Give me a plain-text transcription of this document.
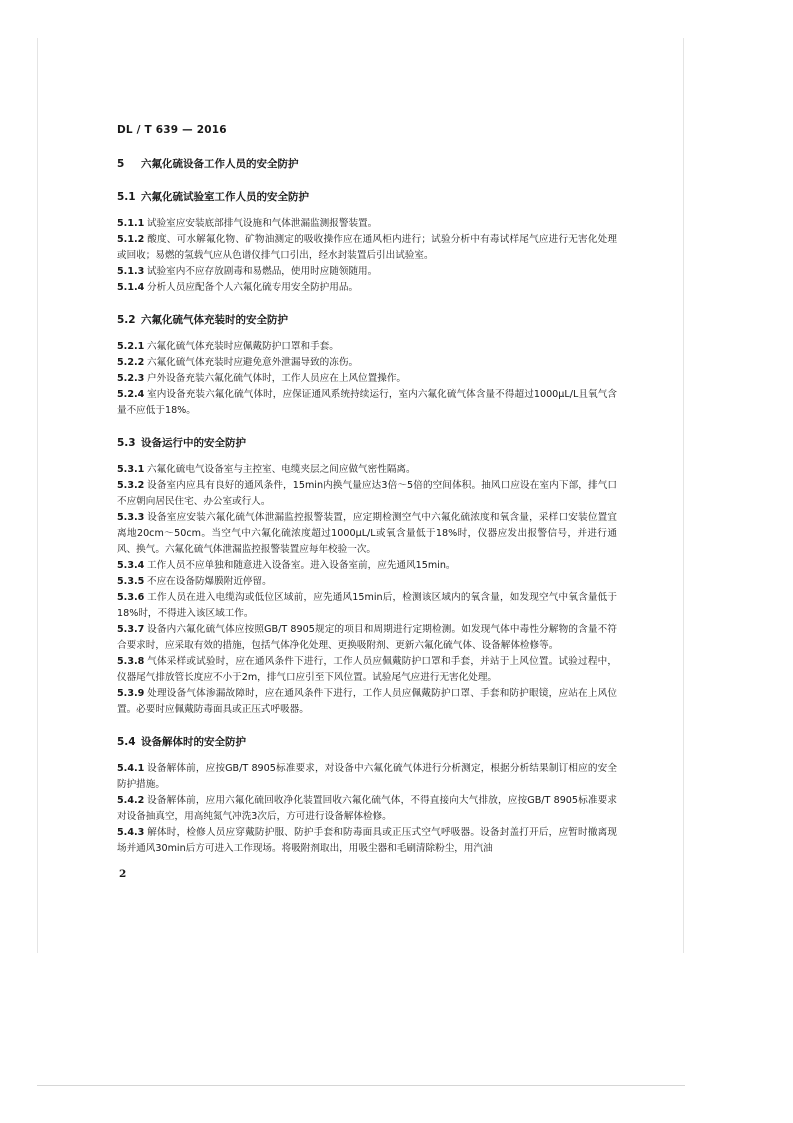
DL / T 639 — 2016
5 六氟化硫设备工作人员的安全防护
5.1 六氟化硫试验室工作人员的安全防护

5.1.1 试验室应安装底部排气设施和气体泄漏监测报警装置。

5.1.2 酸度、可水解氟化物、矿物油测定的吸收操作应在通风柜内进行；试验分析中有毒试样尾气应进行无害化处理或回收；易燃的氢载气应从色谱仪排气口引出，经水封装置后引出试验室。

5.1.3 试验室内不应存放剧毒和易燃品，使用时应随领随用。

5.1.4 分析人员应配备个人六氟化硫专用安全防护用品。

5.2 六氟化硫气体充装时的安全防护

5.2.1 六氟化硫气体充装时应佩戴防护口罩和手套。

5.2.2 六氟化硫气体充装时应避免意外泄漏导致的冻伤。

5.2.3 户外设备充装六氟化硫气体时，工作人员应在上风位置操作。

5.2.4 室内设备充装六氟化硫气体时，应保证通风系统持续运行，室内六氟化硫气体含量不得超过1000μL/L且氧气含量不应低于18%。

5.3 设备运行中的安全防护

5.3.1 六氟化硫电气设备室与主控室、电缆夹层之间应做气密性隔离。

5.3.2 设备室内应具有良好的通风条件，15min内换气量应达3倍～5倍的空间体积。抽风口应设在室内下部，排气口不应朝向居民住宅、办公室或行人。

5.3.3 设备室应安装六氟化硫气体泄漏监控报警装置，应定期检测空气中六氟化硫浓度和氧含量，采样口安装位置宜离地20cm～50cm。当空气中六氟化硫浓度超过1000μL/L或氧含量低于18%时，仪器应发出报警信号，并进行通风、换气。六氟化硫气体泄漏监控报警装置应每年校验一次。

5.3.4 工作人员不应单独和随意进入设备室。进入设备室前，应先通风15min。

5.3.5 不应在设备防爆膜附近停留。

5.3.6 工作人员在进入电缆沟或低位区域前，应先通风15min后，检测该区域内的氧含量，如发现空气中氧含量低于18%时，不得进入该区域工作。

5.3.7 设备内六氟化硫气体应按照GB/T 8905规定的项目和周期进行定期检测。如发现气体中毒性分解物的含量不符合要求时，应采取有效的措施，包括气体净化处理、更换吸附剂、更新六氟化硫气体、设备解体检修等。

5.3.8 气体采样或试验时，应在通风条件下进行，工作人员应佩戴防护口罩和手套，并站于上风位置。试验过程中，仪器尾气排放管长度应不小于2m，排气口应引至下风位置。试验尾气应进行无害化处理。

5.3.9 处理设备气体渗漏故障时，应在通风条件下进行，工作人员应佩戴防护口罩、手套和防护眼镜，应站在上风位置。必要时应佩戴防毒面具或正压式呼吸器。

5.4 设备解体时的安全防护

5.4.1 设备解体前，应按GB/T 8905标准要求，对设备中六氟化硫气体进行分析测定，根据分析结果制订相应的安全防护措施。

5.4.2 设备解体前，应用六氟化硫回收净化装置回收六氟化硫气体，不得直接向大气排放，应按GB/T 8905标准要求对设备抽真空，用高纯氮气冲洗3次后，方可进行设备解体检修。

5.4.3 解体时，检修人员应穿戴防护服、防护手套和防毒面具或正压式空气呼吸器。设备封盖打开后，应暂时撤离现场并通风30min后方可进入工作现场。将吸附剂取出，用吸尘器和毛刷清除粉尘，用汽油

2
